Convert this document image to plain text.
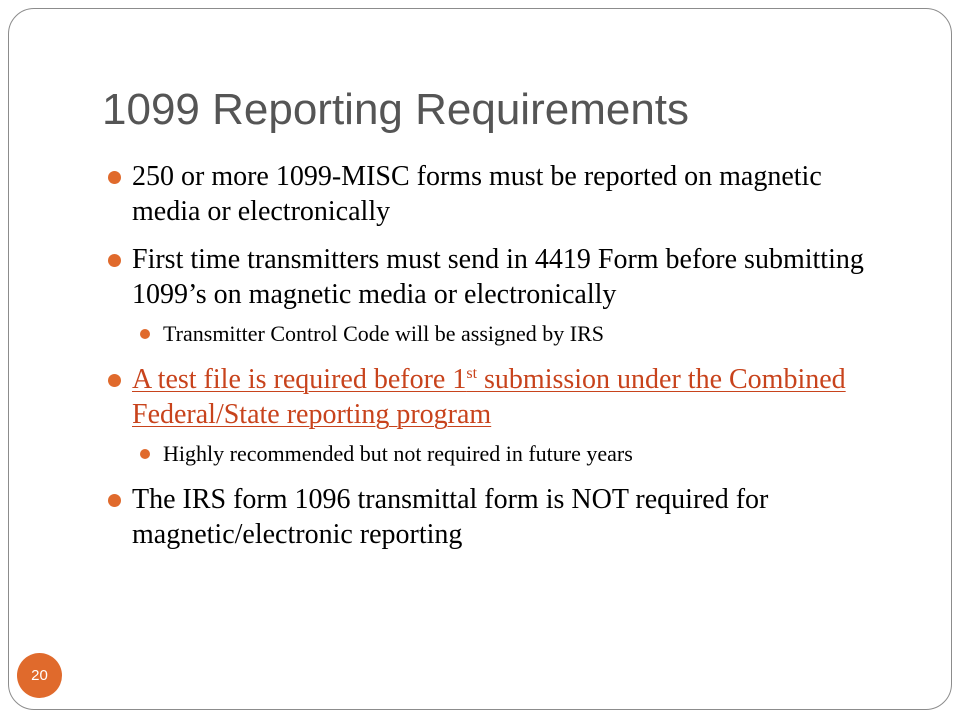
1099 Reporting Requirements
250 or more 1099-MISC forms must be reported on magnetic media or electronically
First time transmitters must send in 4419 Form before submitting 1099’s on magnetic media or electronically
Transmitter Control Code will be assigned by IRS
A test file is required before 1st submission under the Combined Federal/State reporting program
Highly recommended but not required in future years
The IRS form 1096 transmittal form is NOT required for magnetic/electronic reporting
20
